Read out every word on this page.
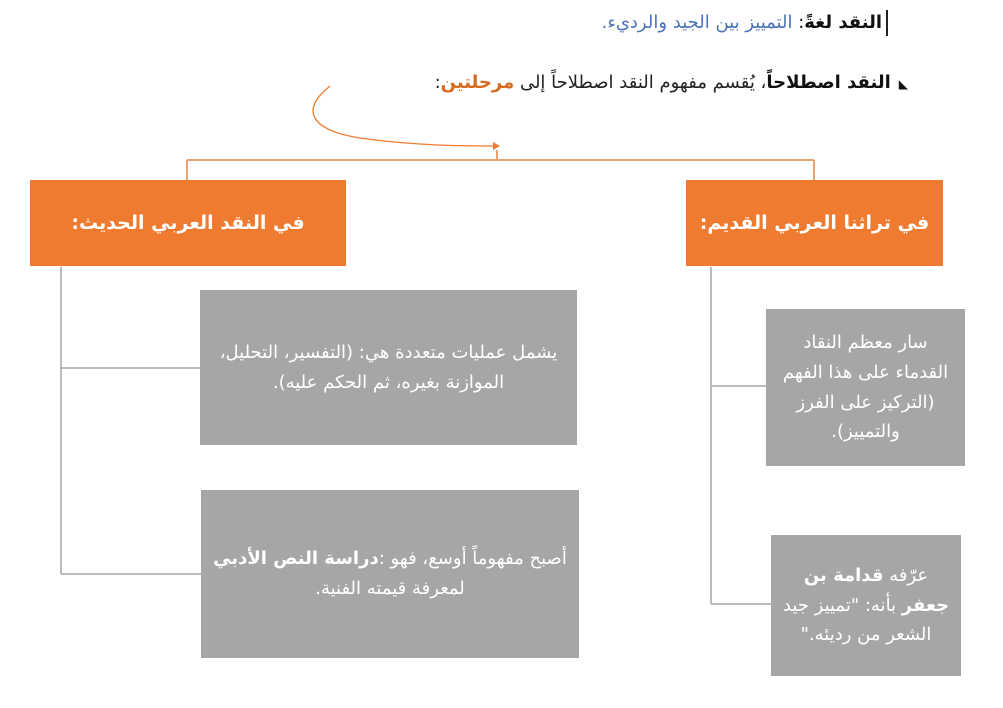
النقد لغةً: التمييز بين الجيد والرديء.
◣النقد اصطلاحاً، يُقسم مفهوم النقد اصطلاحاً إلى مرحلتين:
في تراثنا العربي القديم:
في النقد العربي الحديث:
سار معظم النقاد القدماء على هذا الفهم (التركيز على الفرز والتمييز).
عرّفه قدامة بن جعفر بأنه: "تمييز جيد الشعر من رديئه."
يشمل عمليات متعددة هي: (التفسير، التحليل، الموازنة بغيره، ثم الحكم عليه).
أصبح مفهوماً أوسع، فهو :دراسة النص الأدبي لمعرفة قيمته الفنية.
